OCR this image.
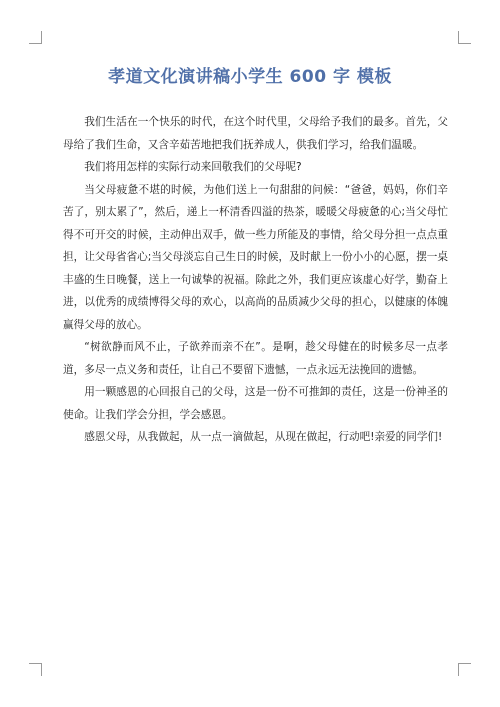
孝道文化演讲稿小学生 600 字 模板

我们生活在一个快乐的时代，在这个时代里，父母给予我们的最多。首先，父母给了我们生命，又含辛茹苦地把我们抚养成人，供我们学习，给我们温暖。

我们将用怎样的实际行动来回敬我们的父母呢?

当父母疲惫不堪的时候，为他们送上一句甜甜的问候：“爸爸，妈妈，你们辛苦了，别太累了”，然后，递上一杯清香四溢的热茶，暖暖父母疲惫的心;当父母忙得不可开交的时候，主动伸出双手，做一些力所能及的事情，给父母分担一点点重担，让父母省省心;当父母淡忘自己生日的时候，及时献上一份小小的心愿，摆一桌丰盛的生日晚餐，送上一句诚挚的祝福。除此之外，我们更应该虚心好学，勤奋上进，以优秀的成绩博得父母的欢心，以高尚的品质减少父母的担心，以健康的体魄赢得父母的放心。

“树欲静而风不止，子欲养而亲不在”。是啊，趁父母健在的时候多尽一点孝道，多尽一点义务和责任，让自己不要留下遗憾，一点永远无法挽回的遗憾。

用一颗感恩的心回报自己的父母，这是一份不可推卸的责任，这是一份神圣的使命。让我们学会分担，学会感恩。

感恩父母，从我做起，从一点一滴做起，从现在做起，行动吧!亲爱的同学们!
